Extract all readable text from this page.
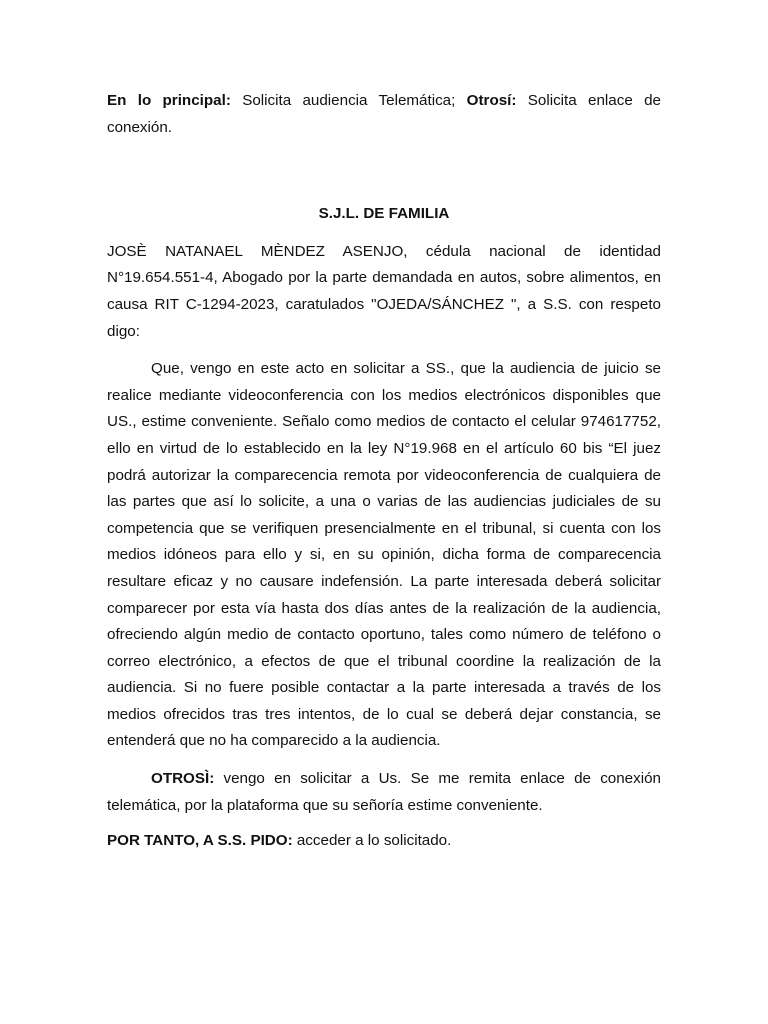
En lo principal: Solicita audiencia Telemática; Otrosí: Solicita enlace de conexión.

S.J.L. DE FAMILIA

JOSÈ NATANAEL MÈNDEZ ASENJO, cédula nacional de identidad N°19.654.551-4, Abogado por la parte demandada en autos, sobre alimentos, en causa RIT C-1294-2023, caratulados "OJEDA/SÁNCHEZ ", a S.S. con respeto digo:

Que, vengo en este acto en solicitar a SS., que la audiencia de juicio se realice mediante videoconferencia con los medios electrónicos disponibles que US., estime conveniente. Señalo como medios de contacto el celular 974617752, ello en virtud de lo establecido en la ley N°19.968 en el artículo 60 bis “El juez podrá autorizar la comparecencia remota por videoconferencia de cualquiera de las partes que así lo solicite, a una o varias de las audiencias judiciales de su competencia que se verifiquen presencialmente en el tribunal, si cuenta con los medios idóneos para ello y si, en su opinión, dicha forma de comparecencia resultare eficaz y no causare indefensión. La parte interesada deberá solicitar comparecer por esta vía hasta dos días antes de la realización de la audiencia, ofreciendo algún medio de contacto oportuno, tales como número de teléfono o correo electrónico, a efectos de que el tribunal coordine la realización de la audiencia. Si no fuere posible contactar a la parte interesada a través de los medios ofrecidos tras tres intentos, de lo cual se deberá dejar constancia, se entenderá que no ha comparecido a la audiencia.

OTROSÌ: vengo en solicitar a Us. Se me remita enlace de conexión telemática, por la plataforma que su señoría estime conveniente.

POR TANTO, A S.S. PIDO: acceder a lo solicitado.
